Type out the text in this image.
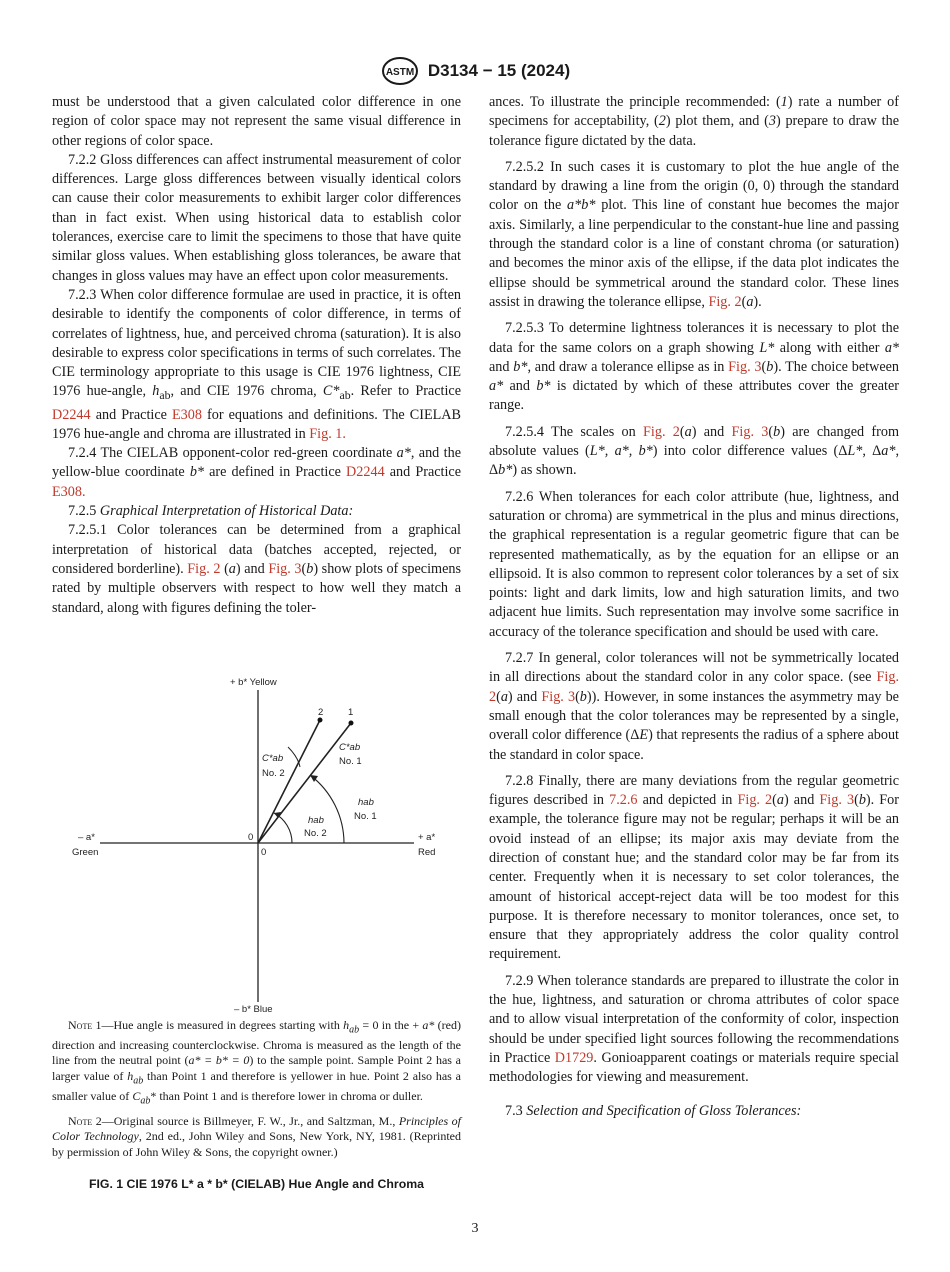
ASTM D3134 − 15 (2024)

must be understood that a given calculated color difference in one region of color space may not represent the same visual difference in other regions of color space.

7.2.2 Gloss differences can affect instrumental measurement of color differences. Large gloss differences between visually identical colors can cause their color measurements to exhibit larger color differences than in fact exist. When using historical data to establish color tolerances, exercise care to limit the specimens to those that have quite similar gloss values. When establishing gloss tolerances, be aware that changes in gloss values may have an effect upon color measurements.

7.2.3 When color difference formulae are used in practice, it is often desirable to identify the components of color difference, in terms of correlates of lightness, hue, and perceived chroma (saturation). It is also desirable to express color specifications in terms of such correlates. The CIE terminology appropriate to this usage is CIE 1976 lightness, CIE 1976 hue-angle, $h_{ab}$, and CIE 1976 chroma, $C*_{ab}$. Refer to Practice D2244 and Practice E308 for equations and definitions. The CIELAB 1976 hue-angle and chroma are illustrated in Fig. 1.

7.2.4 The CIELAB opponent-color red-green coordinate a*, and the yellow-blue coordinate b* are defined in Practice D2244 and Practice E308.

7.2.5 Graphical Interpretation of Historical Data:

7.2.5.1 Color tolerances can be determined from a graphical interpretation of historical data (batches accepted, rejected, or considered borderline). Fig. 2 (a) and Fig. 3(b) show plots of specimens rated by multiple observers with respect to how well they match a standard, along with figures defining the toler-

+ b* Yellow
– b* Blue
– a*
Green
+ a*
Red
0
0
2	1
C*ab
No. 2
C*ab
No. 1
hab
No. 1
hab
No. 2

Note 1—Hue angle is measured in degrees starting with $h_{ab} = 0$ in the + a* (red) direction and increasing counterclockwise. Chroma is measured as the length of the line from the neutral point (a* = b* = 0) to the sample point. Sample Point 2 has a larger value of $h_{ab}$ than Point 1 and therefore is yellower in hue. Point 2 also has a smaller value of $C_{ab}*$ than Point 1 and is therefore lower in chroma or duller.

Note 2—Original source is Billmeyer, F. W., Jr., and Saltzman, M., Principles of Color Technology, 2nd ed., John Wiley and Sons, New York, NY, 1981. (Reprinted by permission of John Wiley & Sons, the copyright owner.)

FIG. 1 CIE 1976 L* a * b* (CIELAB) Hue Angle and Chroma

ances. To illustrate the principle recommended: (1) rate a number of specimens for acceptability, (2) plot them, and (3) prepare to draw the tolerance figure dictated by the data.

7.2.5.2 In such cases it is customary to plot the hue angle of the standard by drawing a line from the origin (0, 0) through the standard color on the a*b* plot. This line of constant hue becomes the major axis. Similarly, a line perpendicular to the constant-hue line and passing through the standard color is a line of constant chroma (or saturation) and becomes the minor axis of the ellipse, if the data plot indicates the ellipse should be symmetrical around the standard color. These lines assist in drawing the tolerance ellipse, Fig. 2(a).

7.2.5.3 To determine lightness tolerances it is necessary to plot the data for the same colors on a graph showing L* along with either a* and b*, and draw a tolerance ellipse as in Fig. 3(b). The choice between a* and b* is dictated by which of these attributes cover the greater range.

7.2.5.4 The scales on Fig. 2(a) and Fig. 3(b) are changed from absolute values (L*, a*, b*) into color difference values (ΔL*, Δa*, Δb*) as shown.

7.2.6 When tolerances for each color attribute (hue, lightness, and saturation or chroma) are symmetrical in the plus and minus directions, the graphical representation is a regular geometric figure that can be represented mathematically, as by the equation for an ellipse or an ellipsoid. It is also common to represent color tolerances by a set of six points: light and dark limits, low and high saturation limits, and two adjacent hue limits. Such representation may involve some sacrifice in accuracy of the tolerance specification and should be used with care.

7.2.7 In general, color tolerances will not be symmetrically located in all directions about the standard color in any color space. (see Fig. 2(a) and Fig. 3(b)). However, in some instances the asymmetry may be small enough that the color tolerances may be represented by a single, overall color difference (ΔE) that represents the radius of a sphere about the standard in color space.

7.2.8 Finally, there are many deviations from the regular geometric figures described in 7.2.6 and depicted in Fig. 2(a) and Fig. 3(b). For example, the tolerance figure may not be regular; perhaps it will be an ovoid instead of an ellipse; its major axis may deviate from the direction of constant hue; and the standard color may be far from its center. Frequently when it is necessary to set color tolerances, the amount of historical accept-reject data will be too modest for this purpose. It is therefore necessary to monitor tolerances, once set, to ensure that they appropriately address the color quality control requirement.

7.2.9 When tolerance standards are prepared to illustrate the color in the hue, lightness, and saturation or chroma attributes of color space and to allow visual interpretation of the conformity of color, inspection should be under specified light sources following the recommendations in Practice D1729. Gonioapparent coatings or materials require special methodologies for viewing and measurement.

7.3 Selection and Specification of Gloss Tolerances:

3
